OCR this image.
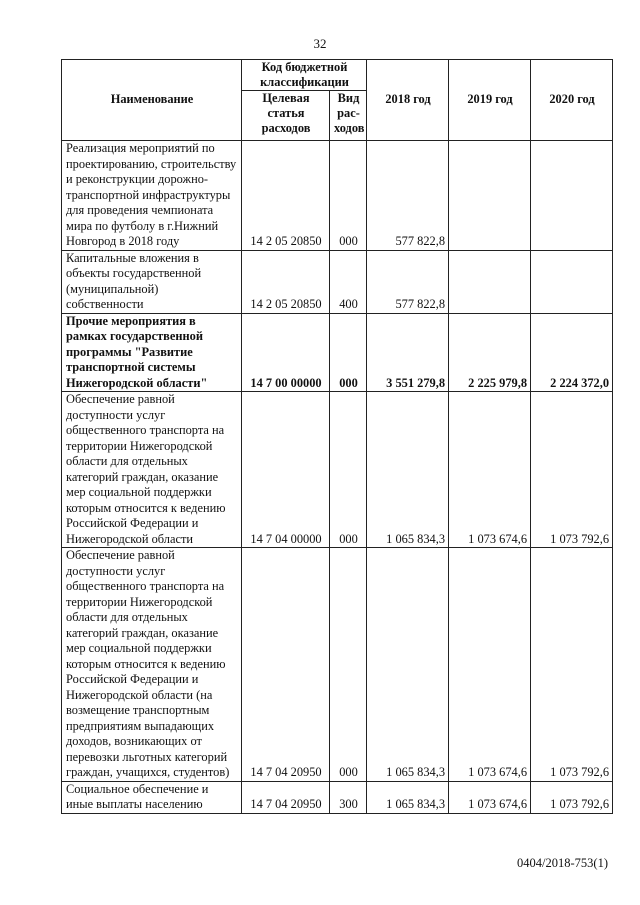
32
Наименование	Код бюджетной классификации		2018 год	2019 год	2020 год
	Целевая статья расходов	Вид рас-ходов			
Реализация мероприятий по проектированию, строительству и реконструкции дорожно-транспортной инфраструктуры для проведения чемпионата мира по футболу в г.Нижний Новгород в 2018 году	14 2 05 20850	000	577 822,8		
Капитальные вложения в объекты государственной (муниципальной) собственности	14 2 05 20850	400	577 822,8		
Прочие мероприятия в рамках государственной программы "Развитие транспортной системы Нижегородской области"	14 7 00 00000	000	3 551 279,8	2 225 979,8	2 224 372,0
Обеспечение равной доступности услуг общественного транспорта на территории Нижегородской области для отдельных категорий граждан, оказание мер социальной поддержки которым относится к ведению Российской Федерации и Нижегородской области	14 7 04 00000	000	1 065 834,3	1 073 674,6	1 073 792,6
Обеспечение равной доступности услуг общественного транспорта на территории Нижегородской области для отдельных категорий граждан, оказание мер социальной поддержки которым относится к ведению Российской Федерации и Нижегородской области (на возмещение транспортным предприятиям выпадающих доходов, возникающих от перевозки льготных категорий граждан, учащихся, студентов)	14 7 04 20950	000	1 065 834,3	1 073 674,6	1 073 792,6
Социальное обеспечение и иные выплаты населению	14 7 04 20950	300	1 065 834,3	1 073 674,6	1 073 792,6
0404/2018-753(1)
